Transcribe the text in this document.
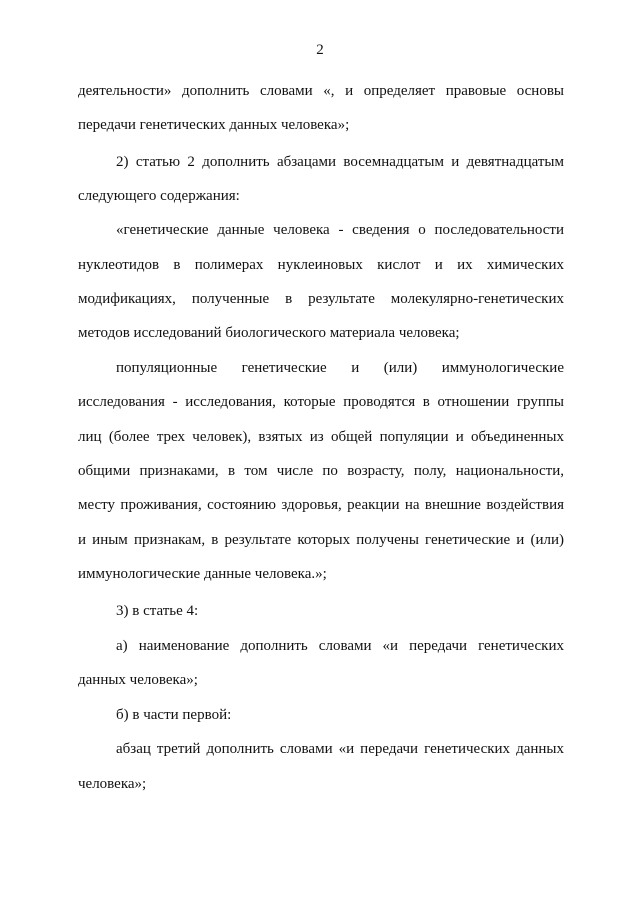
2
деятельности» дополнить словами «, и определяет правовые основы
передачи генетических данных человека»;
2) статью 2 дополнить абзацами восемнадцатым и девятнадцатым
следующего содержания:
«генетические данные человека - сведения о последовательности
нуклеотидов в полимерах нуклеиновых кислот и их химических
модификациях, полученные в результате молекулярно-генетических
методов исследований биологического материала человека;
популяционные генетические и (или) иммунологические
исследования - исследования, которые проводятся в отношении группы
лиц (более трех человек), взятых из общей популяции и объединенных
общими признаками, в том числе по возрасту, полу, национальности,
месту проживания, состоянию здоровья, реакции на внешние воздействия
и иным признакам, в результате которых получены генетические и (или)
иммунологические данные человека.»;
3) в статье 4:
а) наименование дополнить словами «и передачи генетических
данных человека»;
б) в части первой:
абзац третий дополнить словами «и передачи генетических данных
человека»;
